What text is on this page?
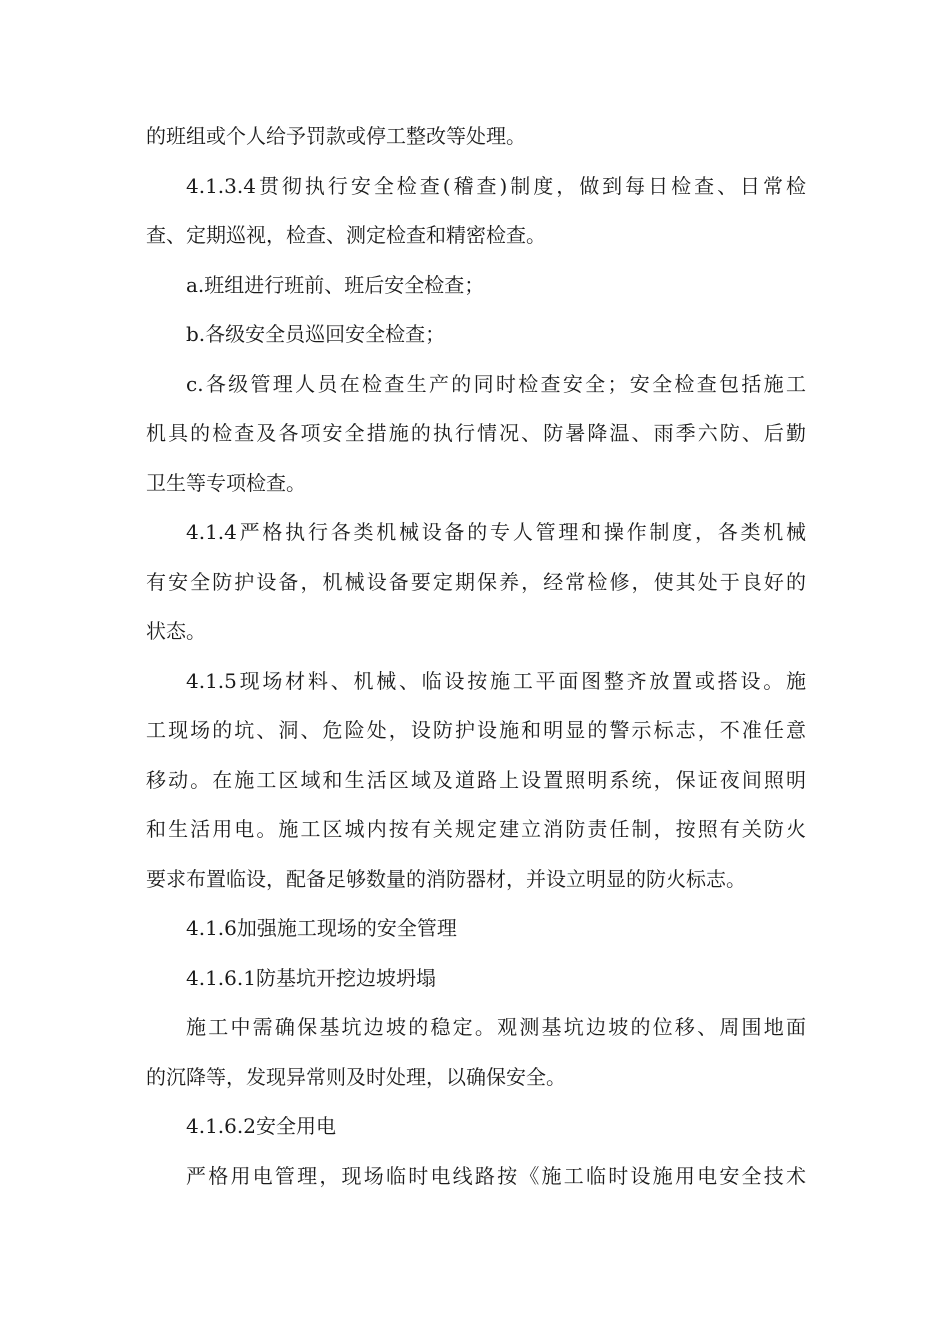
的班组或个人给予罚款或停工整改等处理。
4.1.3.4贯彻执行安全检查(稽查)制度，做到每日检查、日常检
查、定期巡视，检查、测定检查和精密检查。
a.班组进行班前、班后安全检查；
b.各级安全员巡回安全检查；
c.各级管理人员在检查生产的同时检查安全；安全检查包括施工
机具的检查及各项安全措施的执行情况、防暑降温、雨季六防、后勤
卫生等专项检查。
4.1.4严格执行各类机械设备的专人管理和操作制度，各类机械
有安全防护设备，机械设备要定期保养，经常检修，使其处于良好的
状态。
4.1.5现场材料、机械、临设按施工平面图整齐放置或搭设。施
工现场的坑、洞、危险处，设防护设施和明显的警示标志，不准任意
移动。在施工区域和生活区域及道路上设置照明系统，保证夜间照明
和生活用电。施工区城内按有关规定建立消防责任制，按照有关防火
要求布置临设，配备足够数量的消防器材，并设立明显的防火标志。
4.1.6加强施工现场的安全管理
4.1.6.1防基坑开挖边坡坍塌
施工中需确保基坑边坡的稳定。观测基坑边坡的位移、周围地面
的沉降等，发现异常则及时处理，以确保安全。
4.1.6.2安全用电
严格用电管理，现场临时电线路按《施工临时设施用电安全技术
